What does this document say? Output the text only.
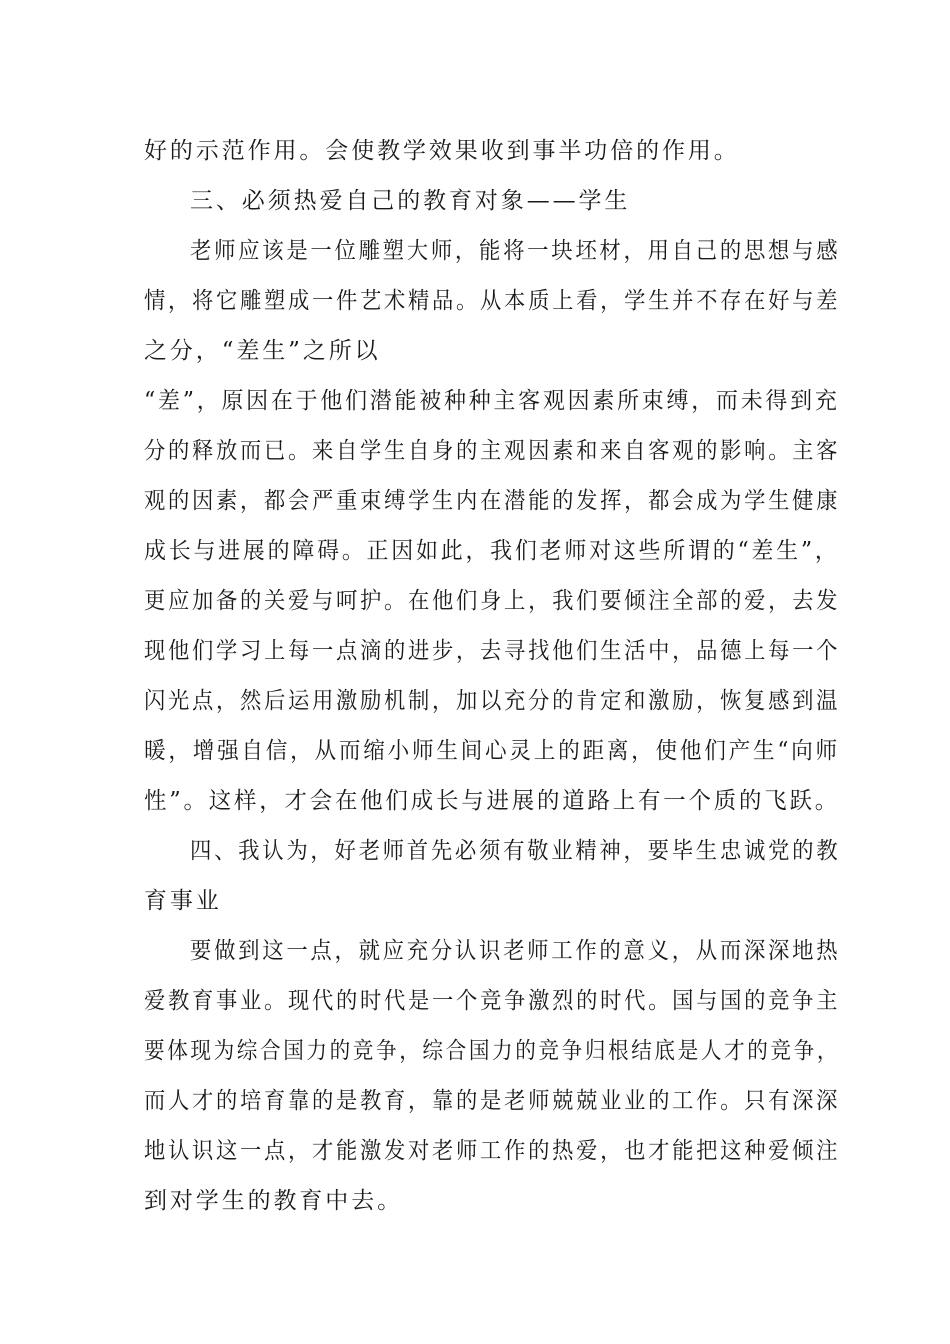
好的示范作用。会使教学效果收到事半功倍的作用。

三、必须热爱自己的教育对象——学生

老师应该是一位雕塑大师，能将一块坯材，用自己的思想与感

情，将它雕塑成一件艺术精品。从本质上看，学生并不存在好与差

之分，“差生”之所以

“差”，原因在于他们潜能被种种主客观因素所束缚，而未得到充

分的释放而已。来自学生自身的主观因素和来自客观的影响。主客

观的因素，都会严重束缚学生内在潜能的发挥，都会成为学生健康

成长与进展的障碍。正因如此，我们老师对这些所谓的“差生”，

更应加备的关爱与呵护。在他们身上，我们要倾注全部的爱，去发

现他们学习上每一点滴的进步，去寻找他们生活中，品德上每一个

闪光点，然后运用激励机制，加以充分的肯定和激励，恢复感到温

暖，增强自信，从而缩小师生间心灵上的距离，使他们产生“向师

性”。这样，才会在他们成长与进展的道路上有一个质的飞跃。

四、我认为，好老师首先必须有敬业精神，要毕生忠诚党的教

育事业

要做到这一点，就应充分认识老师工作的意义，从而深深地热

爱教育事业。现代的时代是一个竞争激烈的时代。国与国的竞争主

要体现为综合国力的竞争，综合国力的竞争归根结底是人才的竞争，

而人才的培育靠的是教育，靠的是老师兢兢业业的工作。只有深深

地认识这一点，才能激发对老师工作的热爱，也才能把这种爱倾注

到对学生的教育中去。
